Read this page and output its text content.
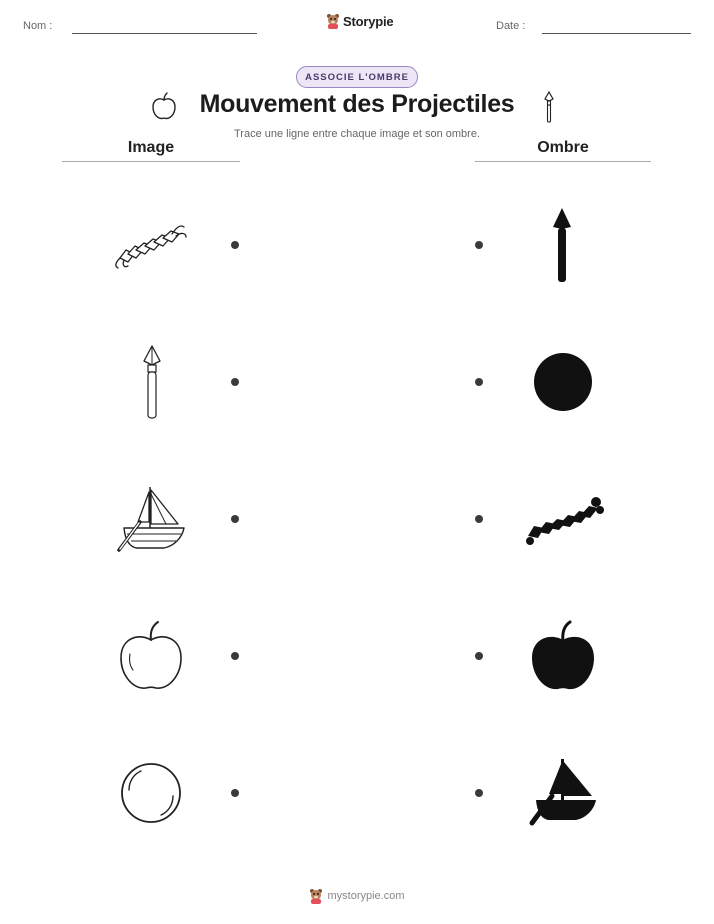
Nom :	Storypie	Date :
ASSOCIE L'OMBRE
Mouvement des Projectiles
Trace une ligne entre chaque image et son ombre.
Image	Ombre
mystorypie.com
